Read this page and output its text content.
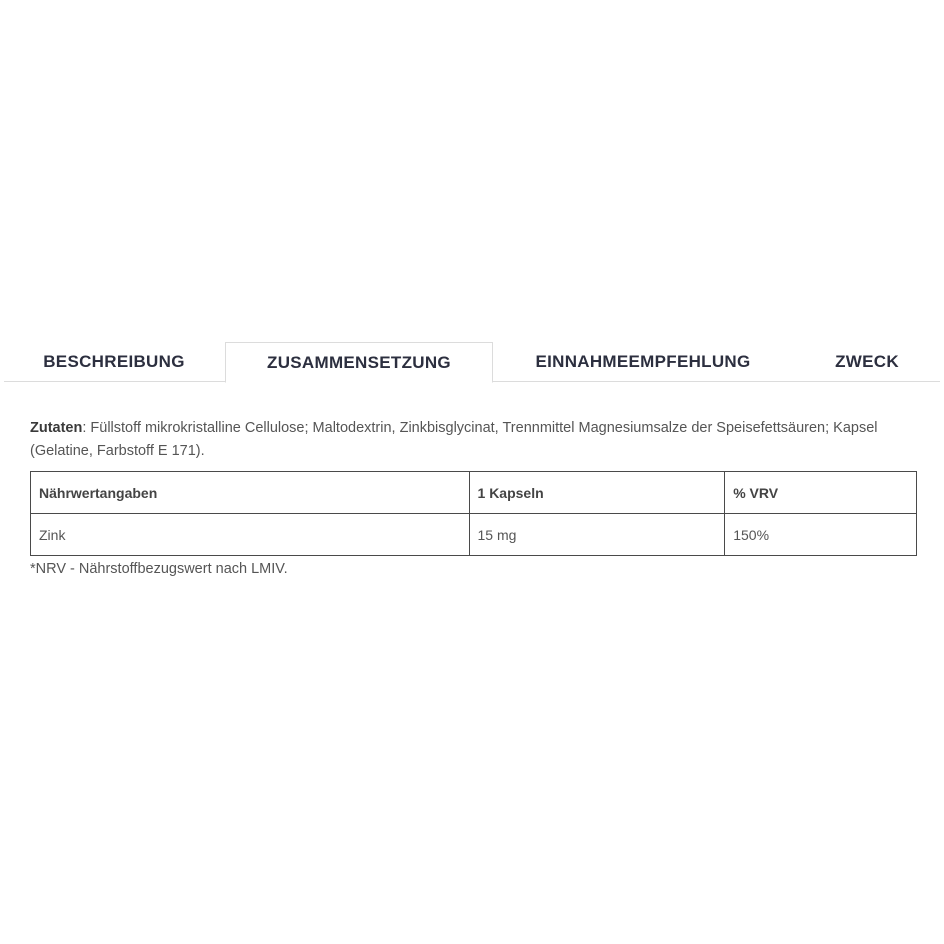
BESCHREIBUNG	ZUSAMMENSETZUNG	EINNAHMEEMPFEHLUNG	ZWECK
Zutaten: Füllstoff mikrokristalline Cellulose; Maltodextrin, Zinkbisglycinat, Trennmittel Magnesiumsalze der Speisefettsäuren; Kapsel (Gelatine, Farbstoff E 171).
Nährwertangaben	1 Kapseln	% VRV
Zink	15 mg	150%
*NRV - Nährstoffbezugswert nach LMIV.
